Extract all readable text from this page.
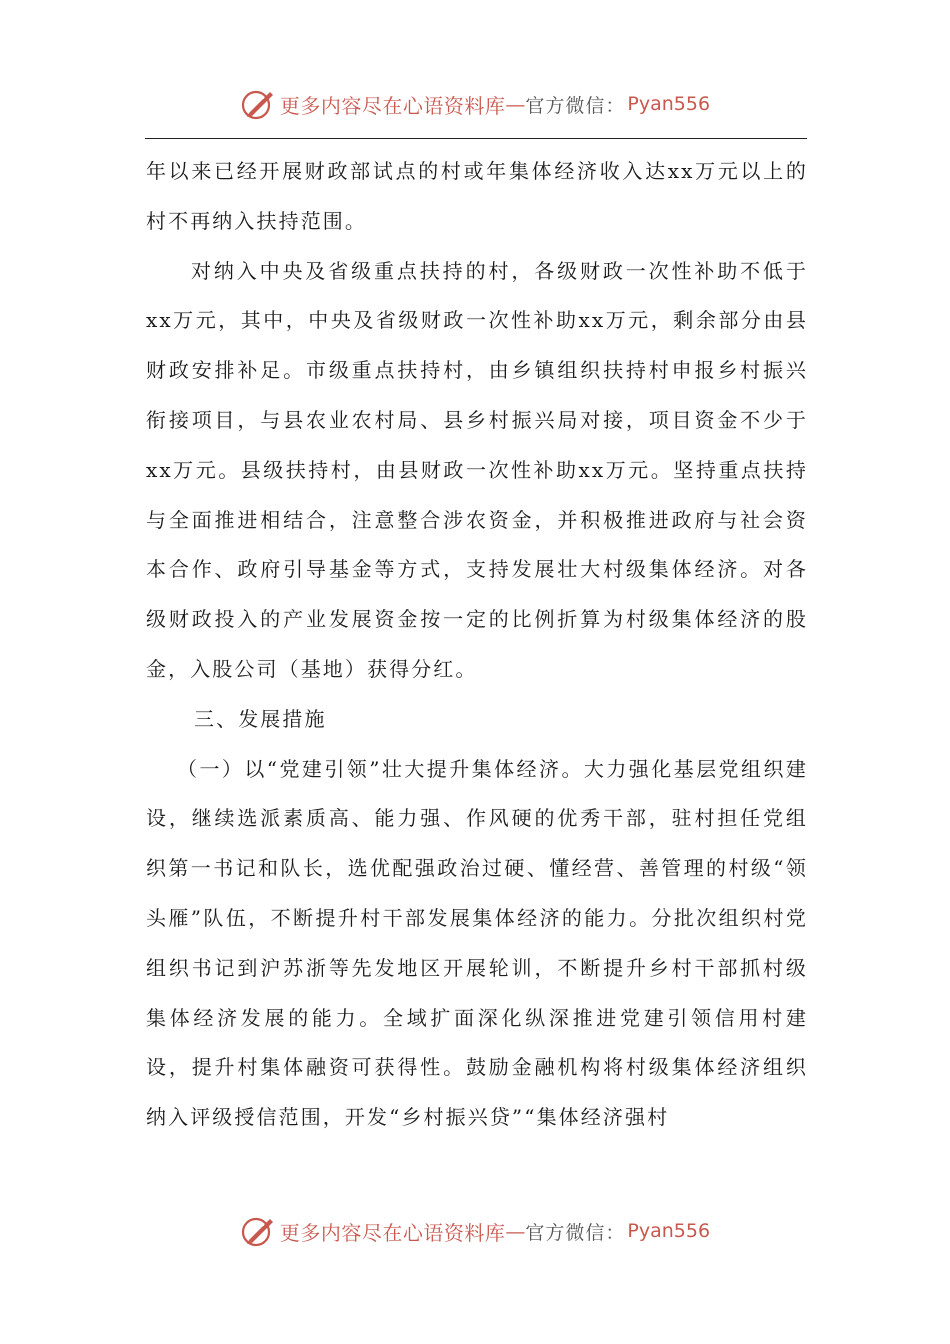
更多内容尽在心语资料库 — 官方微信： Pyan556

年以来已经开展财政部试点的村或年集体经济收入达xx万元以上的村不再纳入扶持范围。

对纳入中央及省级重点扶持的村，各级财政一次性补助不低于xx万元，其中，中央及省级财政一次性补助xx万元，剩余部分由县财政安排补足。市级重点扶持村，由乡镇组织扶持村申报乡村振兴衔接项目，与县农业农村局、县乡村振兴局对接，项目资金不少于xx万元。县级扶持村，由县财政一次性补助xx万元。坚持重点扶持与全面推进相结合，注意整合涉农资金，并积极推进政府与社会资本合作、政府引导基金等方式，支持发展壮大村级集体经济。对各级财政投入的产业发展资金按一定的比例折算为村级集体经济的股金，入股公司（基地）获得分红。

三、发展措施

（一）以“党建引领”壮大提升集体经济。大力强化基层党组织建设，继续选派素质高、能力强、作风硬的优秀干部，驻村担任党组织第一书记和队长，选优配强政治过硬、懂经营、善管理的村级“领头雁”队伍，不断提升村干部发展集体经济的能力。分批次组织村党组织书记到沪苏浙等先发地区开展轮训，不断提升乡村干部抓村级集体经济发展的能力。全域扩面深化纵深推进党建引领信用村建设，提升村集体融资可获得性。鼓励金融机构将村级集体经济组织纳入评级授信范围，开发“乡村振兴贷”“集体经济强村

更多内容尽在心语资料库 — 官方微信： Pyan556
